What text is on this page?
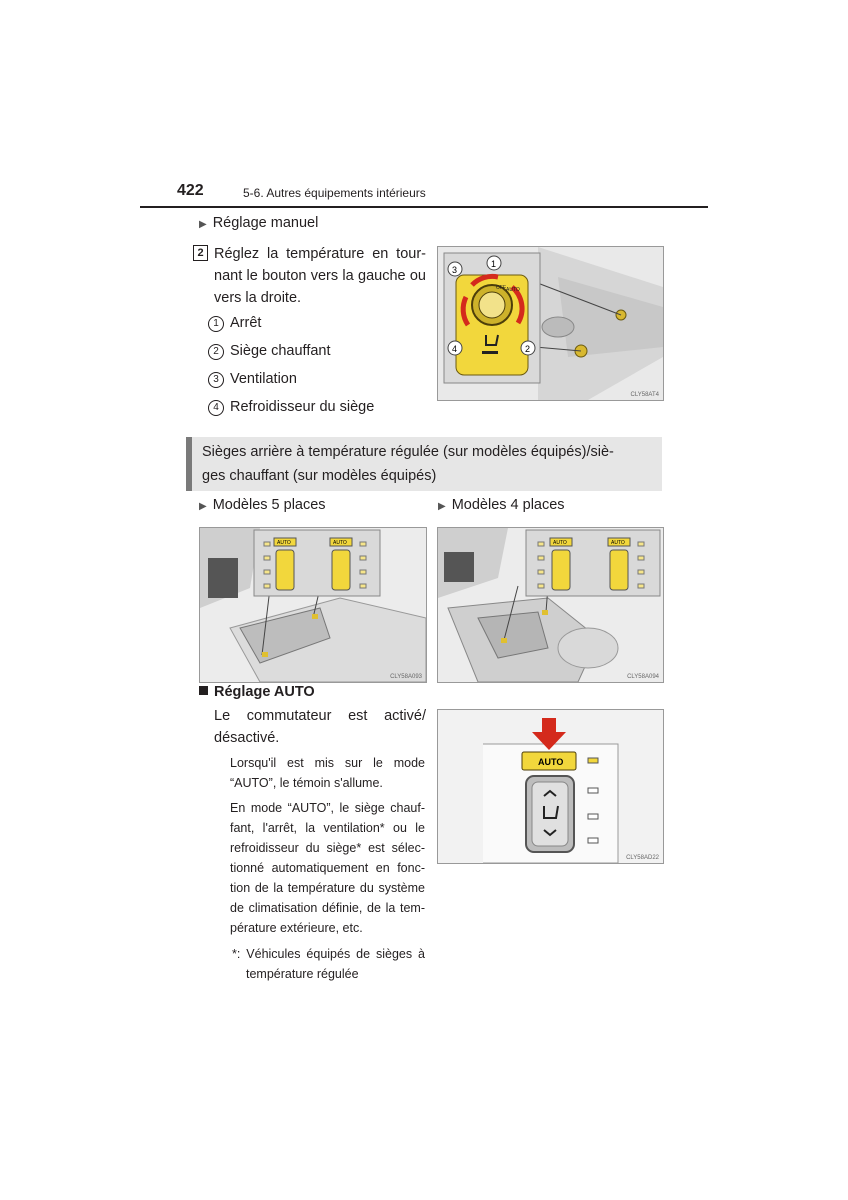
422	5-6. Autres équipements intérieurs
▶ Réglage manuel
2 Réglez la température en tour-
nant le bouton vers la gauche ou
vers la droite.
1 Arrêt
2 Siège chauffant
3 Ventilation
4 Refroidisseur du siège
OFF AUTO
1
2
3
4
CLY58AT4
Sièges arrière à température régulée (sur modèles équipés)/siè-
ges chauffant (sur modèles équipés)
▶ Modèles 5 places	▶ Modèles 4 places
AUTO	AUTO
CLY58A093
AUTO	AUTO
CLY58A094
Réglage AUTO
Le commutateur est activé/
désactivé.
Lorsqu'il est mis sur le mode
“AUTO”, le témoin s'allume.
En mode “AUTO”, le siège chauf-
fant, l'arrêt, la ventilation* ou le
refroidisseur du siège* est sélec-
tionné automatiquement en fonc-
tion de la température du système
de climatisation définie, de la tem-
pérature extérieure, etc.
*: Véhicules équipés de sièges à
température régulée
AUTO
CLY58AD22
